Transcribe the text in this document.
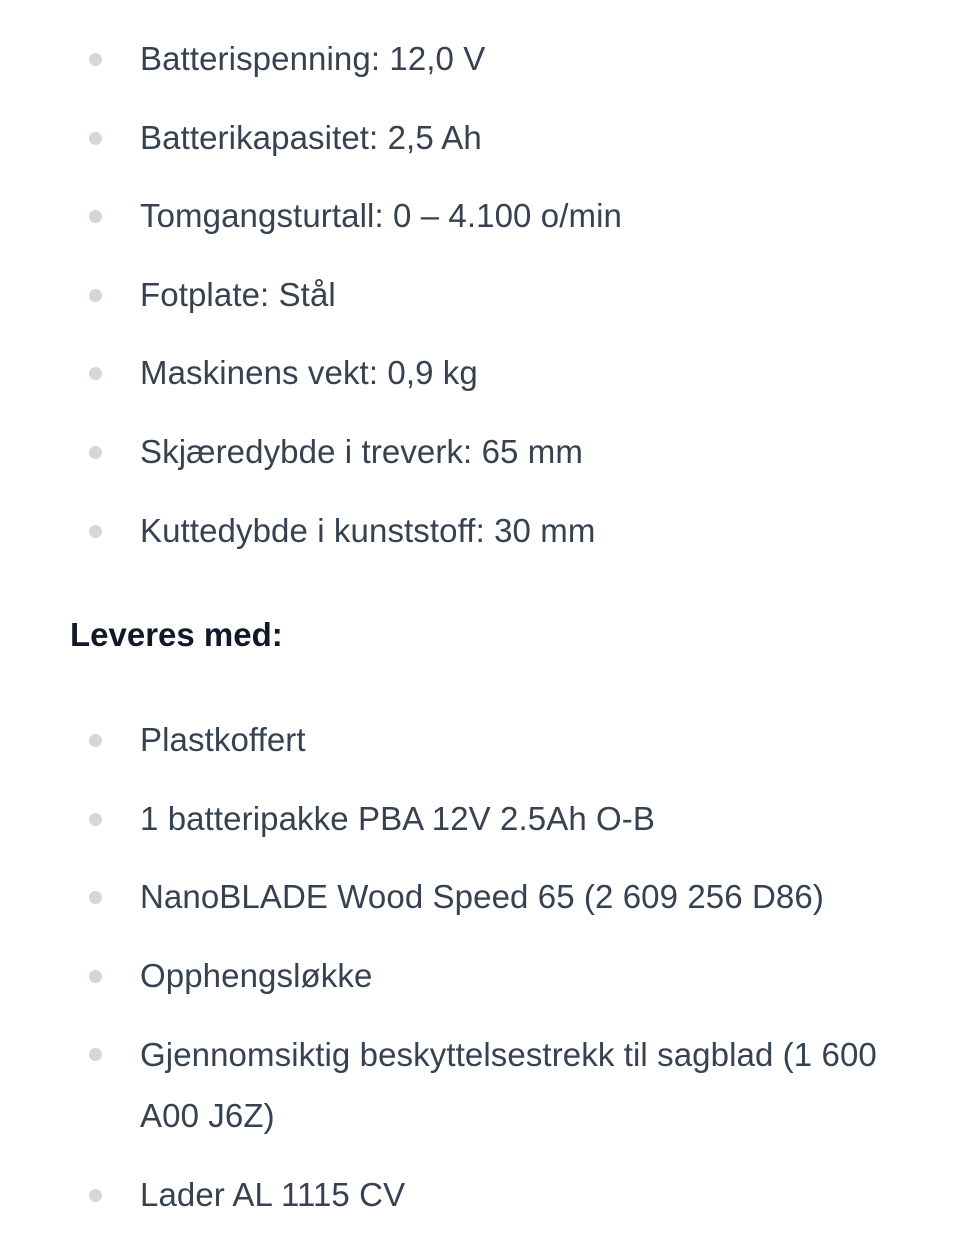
Batterispenning: 12,0 V
Batterikapasitet: 2,5 Ah
Tomgangsturtall: 0 – 4.100 o/min
Fotplate: Stål
Maskinens vekt: 0,9 kg
Skjæredybde i treverk: 65 mm
Kuttedybde i kunststoff: 30 mm
Leveres med:
Plastkoffert
1 batteripakke PBA 12V 2.5Ah O-B
NanoBLADE Wood Speed 65 (2 609 256 D86)
Opphengsløkke
Gjennomsiktig beskyttelsestrekk til sagblad (1 600 A00 J6Z)
Lader AL 1115 CV
